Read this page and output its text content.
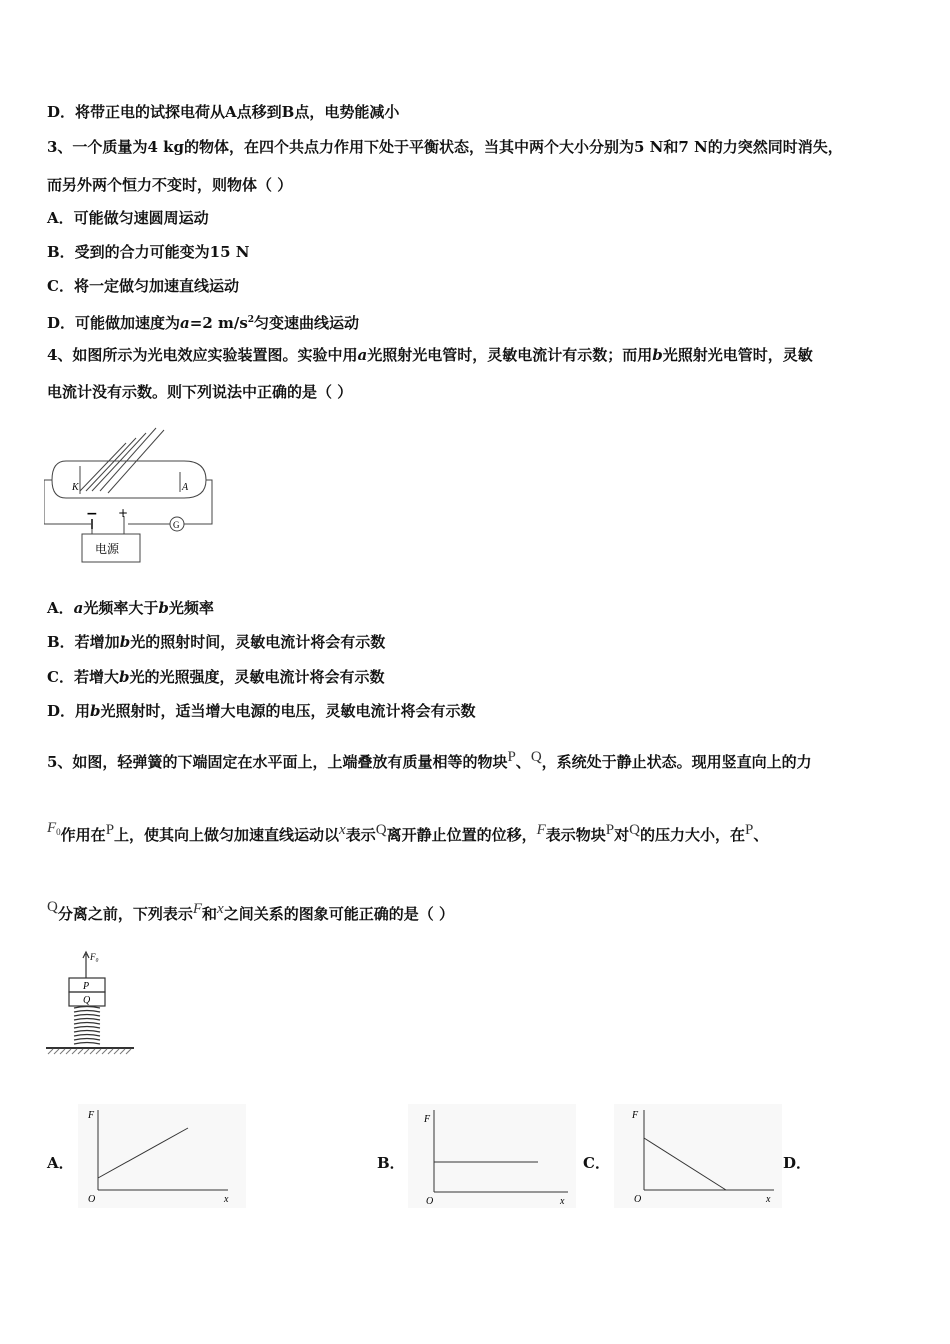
D．将带正电的试探电荷从A点移到B点，电势能减小
3、一个质量为4 kg的物体，在四个共点力作用下处于平衡状态，当其中两个大小分别为5 N和7 N的力突然同时消失，
而另外两个恒力不变时，则物体（ ）
A．可能做匀速圆周运动
B．受到的合力可能变为15 N
C．将一定做匀加速直线运动
D．可能做加速度为a=2 $m/s^2$匀变速曲线运动
4、如图所示为光电效应实验装置图。实验中用a光照射光电管时，灵敏电流计有示数；而用b光照射光电管时，灵敏
电流计没有示数。则下列说法中正确的是（ ）
K	A
G
− +
电源
A．a光频率大于b光频率
B．若增加b光的照射时间，灵敏电流计将会有示数
C．若增大b光的光照强度，灵敏电流计将会有示数
D．用b光照射时，适当增大电源的电压，灵敏电流计将会有示数
5、如图，轻弹簧的下端固定在水平面上，上端叠放有质量相等的物块P、Q，系统处于静止状态。现用竖直向上的力
$F_0$作用在P上，使其向上做匀加速直线运动以x表示Q离开静止位置的位移，F表示物块P对Q的压力大小，在P、
Q分离之前，下列表示F和x之间关系的图象可能正确的是（ ）
F₀
P
Q
A．
F
O	x
B．
F
O	x
C．
F
O	x
D．
